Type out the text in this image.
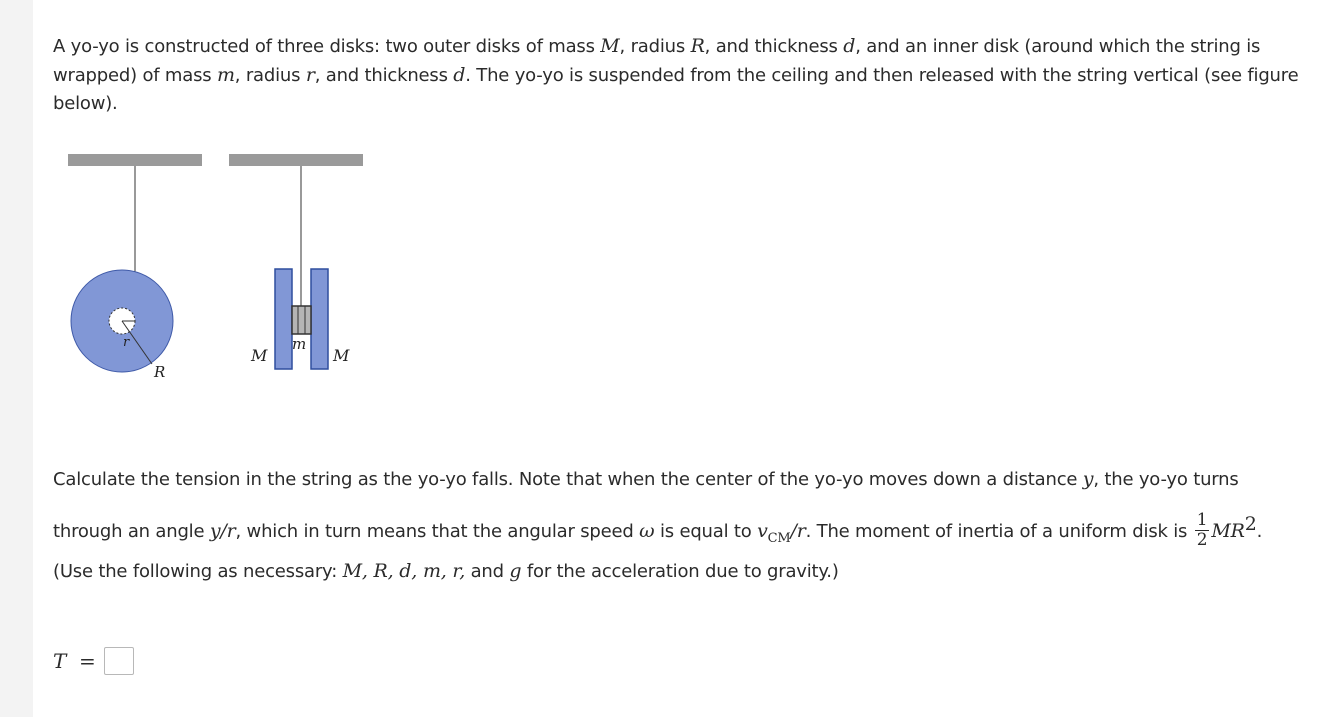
A yo-yo is constructed of three disks: two outer disks of mass M, radius R, and thickness d, and an inner disk (around which the string is wrapped) of mass m, radius r, and thickness d. The yo-yo is suspended from the ceiling and then released with the string vertical (see figure below).
r
R
M
m
M
Calculate the tension in the string as the yo-yo falls. Note that when the center of the yo-yo moves down a distance y, the yo-yo turns
through an angle y/r, which in turn means that the angular speed ω is equal to $v_{CM}/r$. The moment of inertia of a uniform disk is $\frac{1}{2} MR^2$.
(Use the following as necessary: M, R, d, m, r, and g for the acceleration due to gravity.)
T =
